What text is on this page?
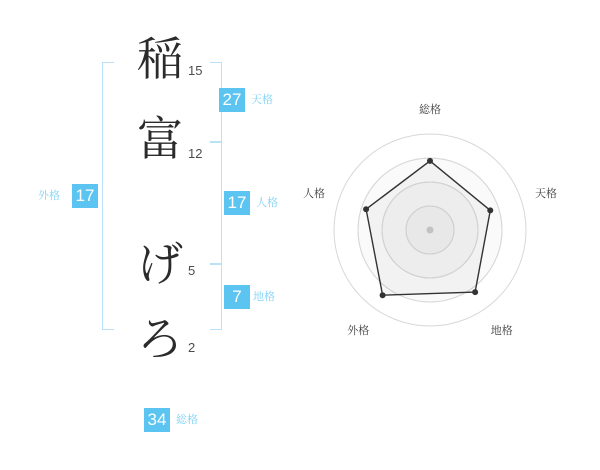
稲
富
げ
ろ
15
12
5
2
27 天格
17 人格
7	地格
外格 17
34 総格
総格
天格
地格
外格
人格
